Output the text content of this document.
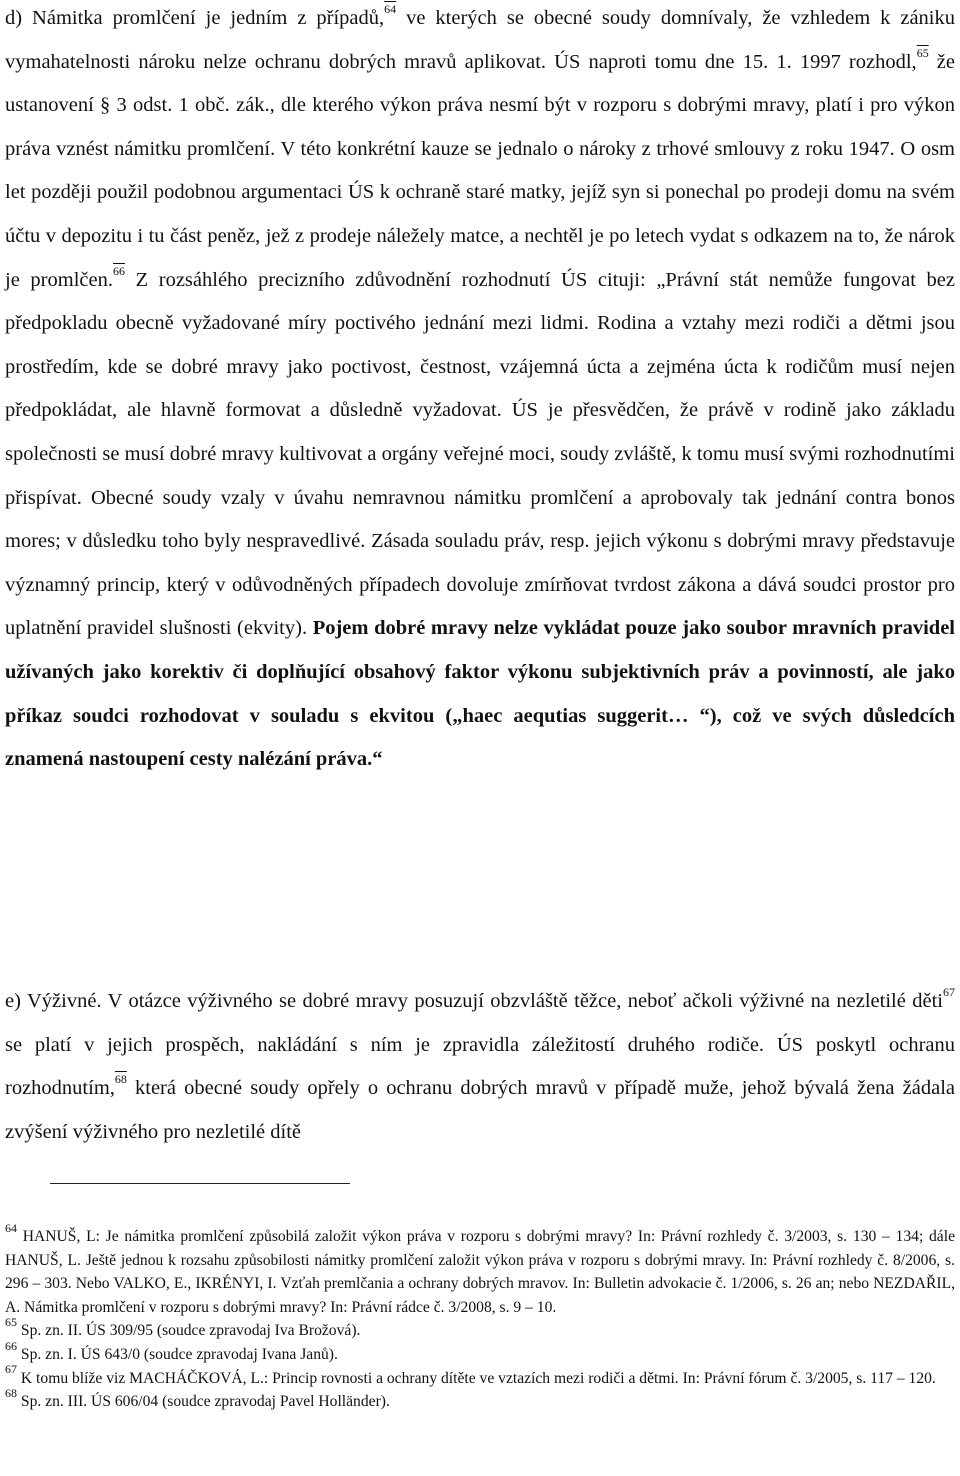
d) Námitka promlčení je jedním z případů,$^{64}$ ve kterých se obecné soudy domnívaly, že vzhledem k zániku vymahatelnosti nároku nelze ochranu dobrých mravů aplikovat. ÚS naproti tomu dne 15. 1. 1997 rozhodl,$^{65}$ že ustanovení § 3 odst. 1 obč. zák., dle kterého výkon práva nesmí být v rozporu s dobrými mravy, platí i pro výkon práva vznést námitku promlčení. V této konkrétní kauze se jednalo o nároky z trhové smlouvy z roku 1947. O osm let později použil podobnou argumentaci ÚS k ochraně staré matky, jejíž syn si ponechal po prodeji domu na svém účtu v depozitu i tu část peněz, jež z prodeje náležely matce, a nechtěl je po letech vydat s odkazem na to, že nárok je promlčen.$^{66}$ Z rozsáhlého precizního zdůvodnění rozhodnutí ÚS cituji: „Právní stát nemůže fungovat bez předpokladu obecně vyžadované míry poctivého jednání mezi lidmi. Rodina a vztahy mezi rodiči a dětmi jsou prostředím, kde se dobré mravy jako poctivost, čestnost, vzájemná úcta a zejména úcta k rodičům musí nejen předpokládat, ale hlavně formovat a důsledně vyžadovat. ÚS je přesvědčen, že právě v rodině jako základu společnosti se musí dobré mravy kultivovat a orgány veřejné moci, soudy zvláště, k tomu musí svými rozhodnutími přispívat. Obecné soudy vzaly v úvahu nemravnou námitku promlčení a aprobovaly tak jednání contra bonos mores; v důsledku toho byly nespravedlivé. Zásada souladu práv, resp. jejich výkonu s dobrými mravy představuje významný princip, který v odůvodněných případech dovoluje zmírňovat tvrdost zákona a dává soudci prostor pro uplatnění pravidel slušnosti (ekvity). Pojem dobré mravy nelze vykládat pouze jako soubor mravních pravidel užívaných jako korektiv či doplňující obsahový faktor výkonu subjektivních práv a povinností, ale jako příkaz soudci rozhodovat v souladu s ekvitou („haec aequtias suggerit… “), což ve svých důsledcích znamená nastoupení cesty nalézání práva.“

e) Výživné. V otázce výživného se dobré mravy posuzují obzvláště těžce, neboť ačkoli výživné na nezletilé děti$^{67}$ se platí v jejich prospěch, nakládání s ním je zpravidla záležitostí druhého rodiče. ÚS poskytl ochranu rozhodnutím,$^{68}$ která obecné soudy opřely o ochranu dobrých mravů v případě muže, jehož bývalá žena žádala zvýšení výživného pro nezletilé dítě

$^{64}$ HANUŠ, L: Je námitka promlčení způsobilá založit výkon práva v rozporu s dobrými mravy? In: Právní rozhledy č. 3/2003, s. 130 – 134; dále HANUŠ, L. Ještě jednou k rozsahu způsobilosti námitky promlčení založit výkon práva v rozporu s dobrými mravy. In: Právní rozhledy č. 8/2006, s. 296 – 303. Nebo VALKO, E., IKRÉNYI, I. Vzťah premlčania a ochrany dobrých mravov. In: Bulletin advokacie č. 1/2006, s. 26 an; nebo NEZDAŘIL, A. Námitka promlčení v rozporu s dobrými mravy? In: Právní rádce č. 3/2008, s. 9 – 10.

$^{65}$ Sp. zn. II. ÚS 309/95 (soudce zpravodaj Iva Brožová).

$^{66}$ Sp. zn. I. ÚS 643/0 (soudce zpravodaj Ivana Janů).

$^{67}$ K tomu blíže viz MACHÁČKOVÁ, L.: Princip rovnosti a ochrany dítěte ve vztazích mezi rodiči a dětmi. In: Právní fórum č. 3/2005, s. 117 – 120.

$^{68}$ Sp. zn. III. ÚS 606/04 (soudce zpravodaj Pavel Holländer).
